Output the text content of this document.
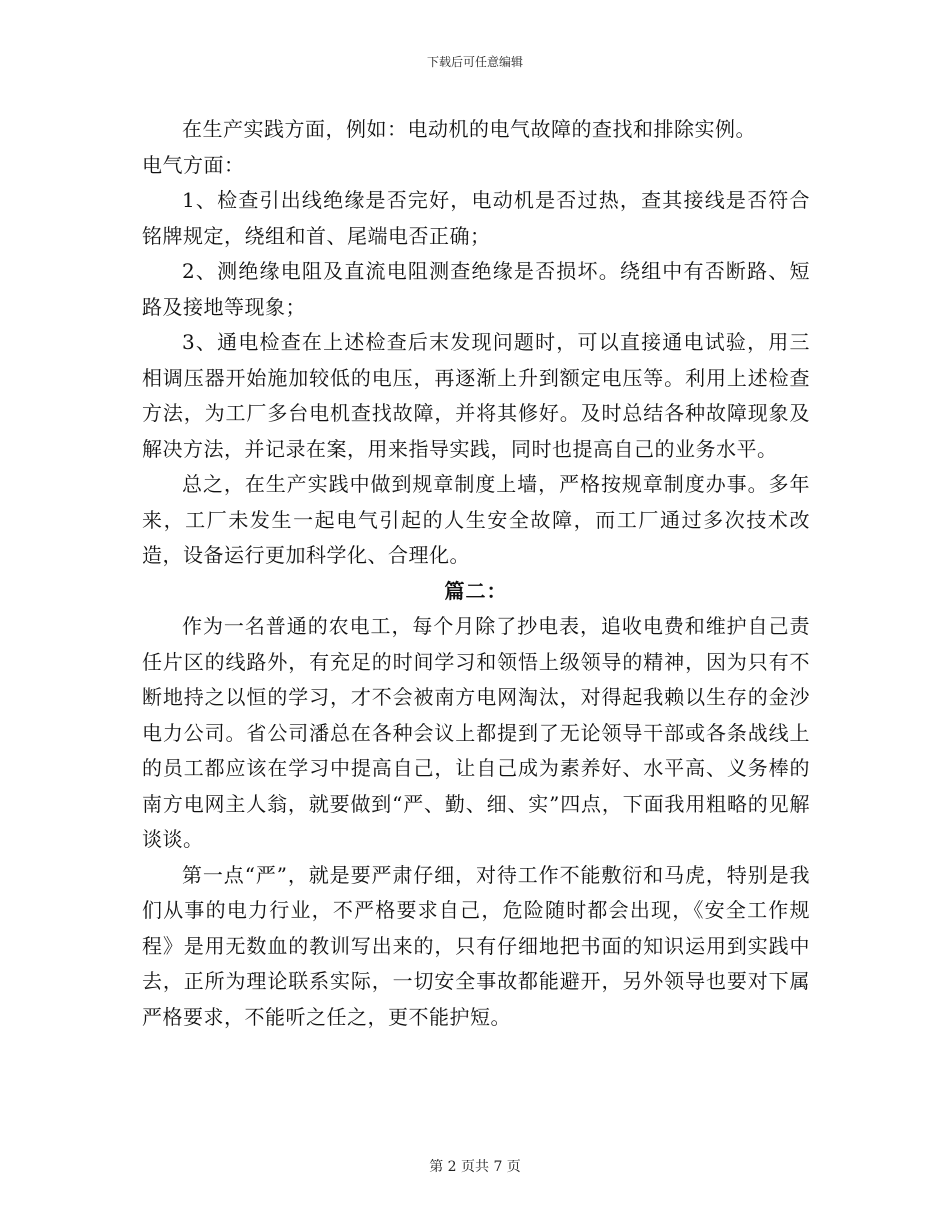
下载后可任意编辑

在生产实践方面，例如：电动机的电气故障的查找和排除实例。

电气方面：

1、检查引出线绝缘是否完好，电动机是否过热，查其接线是否符合铭牌规定，绕组和首、尾端电否正确；

2、测绝缘电阻及直流电阻测查绝缘是否损坏。绕组中有否断路、短路及接地等现象；

3、通电检查在上述检查后末发现问题时，可以直接通电试验，用三相调压器开始施加较低的电压，再逐渐上升到额定电压等。利用上述检查方法，为工厂多台电机查找故障，并将其修好。及时总结各种故障现象及解决方法，并记录在案，用来指导实践，同时也提高自己的业务水平。

总之，在生产实践中做到规章制度上墙，严格按规章制度办事。多年来，工厂未发生一起电气引起的人生安全故障，而工厂通过多次技术改造，设备运行更加科学化、合理化。

篇二：

作为一名普通的农电工，每个月除了抄电表，追收电费和维护自己责任片区的线路外，有充足的时间学习和领悟上级领导的精神，因为只有不断地持之以恒的学习，才不会被南方电网淘汰，对得起我赖以生存的金沙电力公司。省公司潘总在各种会议上都提到了无论领导干部或各条战线上的员工都应该在学习中提高自己，让自己成为素养好、水平高、义务棒的南方电网主人翁，就要做到“严、勤、细、实”四点，下面我用粗略的见解谈谈。

第一点“严”，就是要严肃仔细，对待工作不能敷衍和马虎，特别是我们从事的电力行业，不严格要求自己，危险随时都会出现，《安全工作规程》是用无数血的教训写出来的，只有仔细地把书面的知识运用到实践中去，正所为理论联系实际，一切安全事故都能避开，另外领导也要对下属严格要求，不能听之任之，更不能护短。

第 2 页共 7 页
